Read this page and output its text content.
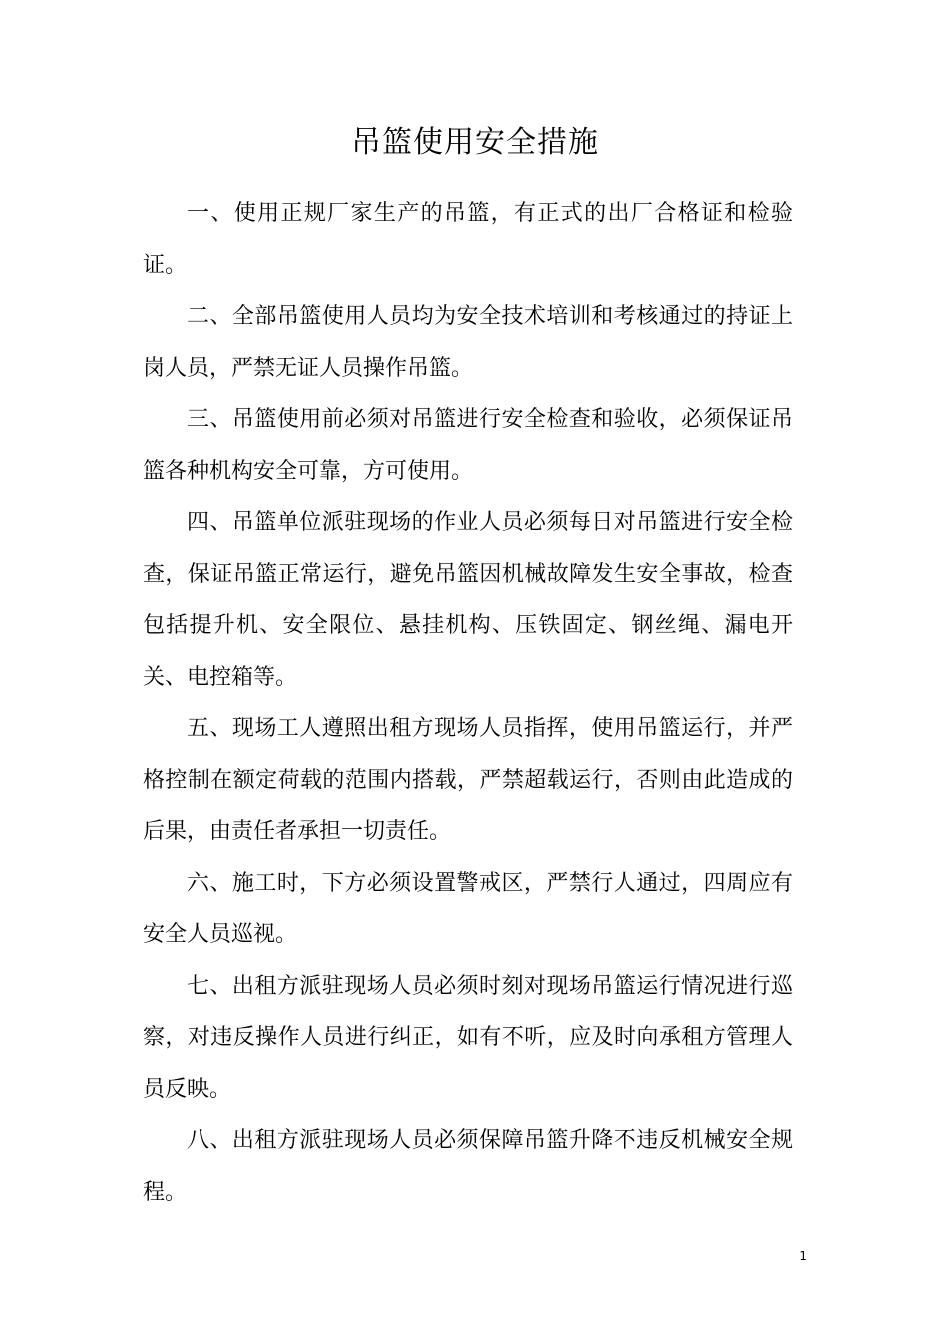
吊篮使用安全措施

一、使用正规厂家生产的吊篮，有正式的出厂合格证和检验证。

二、全部吊篮使用人员均为安全技术培训和考核通过的持证上岗人员，严禁无证人员操作吊篮。

三、吊篮使用前必须对吊篮进行安全检查和验收，必须保证吊篮各种机构安全可靠，方可使用。

四、吊篮单位派驻现场的作业人员必须每日对吊篮进行安全检查，保证吊篮正常运行，避免吊篮因机械故障发生安全事故，检查包括提升机、安全限位、悬挂机构、压铁固定、钢丝绳、漏电开关、电控箱等。

五、现场工人遵照出租方现场人员指挥，使用吊篮运行，并严格控制在额定荷载的范围内搭载，严禁超载运行，否则由此造成的后果，由责任者承担一切责任。

六、施工时，下方必须设置警戒区，严禁行人通过，四周应有安全人员巡视。

七、出租方派驻现场人员必须时刻对现场吊篮运行情况进行巡察，对违反操作人员进行纠正，如有不听，应及时向承租方管理人员反映。

八、出租方派驻现场人员必须保障吊篮升降不违反机械安全规程。

1
